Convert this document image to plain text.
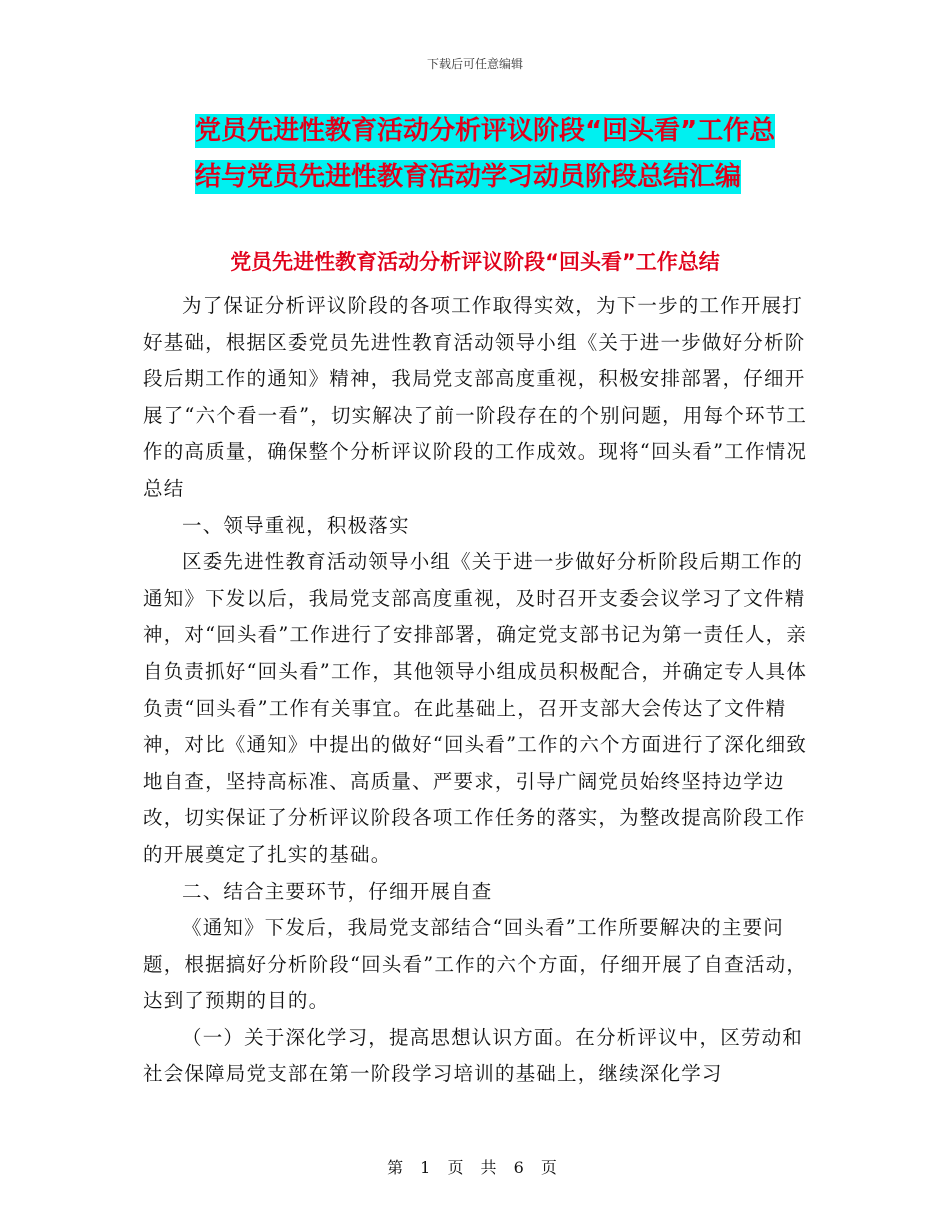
下载后可任意编辑
党员先进性教育活动分析评议阶段“回头看”工作总
结与党员先进性教育活动学习动员阶段总结汇编
党员先进性教育活动分析评议阶段“回头看”工作总结

为了保证分析评议阶段的各项工作取得实效，为下一步的工作开展打好基础，根据区委党员先进性教育活动领导小组《关于进一步做好分析阶段后期工作的通知》精神，我局党支部高度重视，积极安排部署，仔细开展了“六个看一看”，切实解决了前一阶段存在的个别问题，用每个环节工作的高质量，确保整个分析评议阶段的工作成效。现将“回头看”工作情况总结

一、领导重视，积极落实

区委先进性教育活动领导小组《关于进一步做好分析阶段后期工作的通知》下发以后，我局党支部高度重视，及时召开支委会议学习了文件精神，对“回头看”工作进行了安排部署，确定党支部书记为第一责任人，亲自负责抓好“回头看”工作，其他领导小组成员积极配合，并确定专人具体负责“回头看”工作有关事宜。在此基础上，召开支部大会传达了文件精神，对比《通知》中提出的做好“回头看”工作的六个方面进行了深化细致地自查，坚持高标准、高质量、严要求，引导广阔党员始终坚持边学边改，切实保证了分析评议阶段各项工作任务的落实，为整改提高阶段工作的开展奠定了扎实的基础。

二、结合主要环节，仔细开展自查

《通知》下发后，我局党支部结合“回头看”工作所要解决的主要问题，根据搞好分析阶段“回头看”工作的六个方面，仔细开展了自查活动，达到了预期的目的。

（一）关于深化学习，提高思想认识方面。在分析评议中，区劳动和社会保障局党支部在第一阶段学习培训的基础上，继续深化学习

第 1 页 共 6 页
